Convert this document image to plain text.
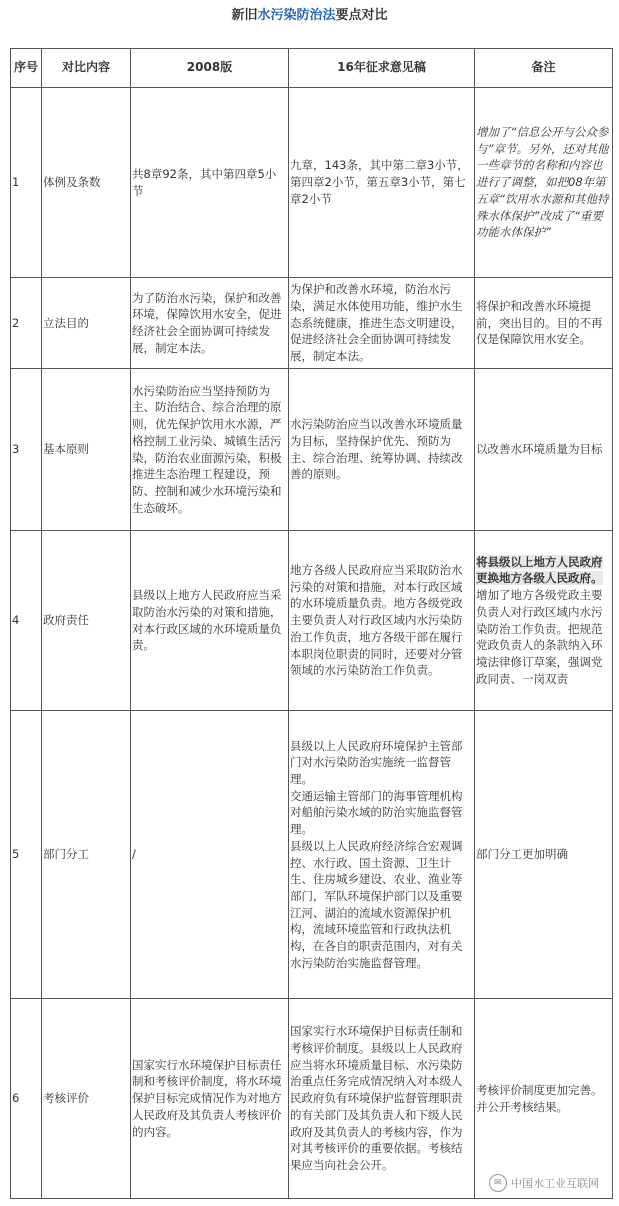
新旧水污染防治法要点对比
序号	对比内容	2008版	16年征求意见稿	备注
1	体例及条数	共8章92条，其中第四章5小节	九章，143条，其中第二章3小节，第四章2小节，第五章3小节，第七章2小节	增加了“信息公开与公众参与”章节。另外，还对其他一些章节的名称和内容也进行了调整，如把08年第五章“饮用水水源和其他特殊水体保护”改成了“重要功能水体保护”
2	立法目的	为了防治水污染，保护和改善环境，保障饮用水安全，促进经济社会全面协调可持续发展，制定本法。	为保护和改善水环境，防治水污染，满足水体使用功能，维护水生态系统健康，推进生态文明建设，促进经济社会全面协调可持续发展，制定本法。	将保护和改善水环境提前，突出目的。目的不再仅是保障饮用水安全。
3	基本原则	水污染防治应当坚持预防为主、防治结合、综合治理的原则，优先保护饮用水水源，严格控制工业污染、城镇生活污染，防治农业面源污染，积极推进生态治理工程建设，预防、控制和减少水环境污染和生态破坏。	水污染防治应当以改善水环境质量为目标，坚持保护优先、预防为主、综合治理、统筹协调、持续改善的原则。	以改善水环境质量为目标
4	政府责任	县级以上地方人民政府应当采取防治水污染的对策和措施，对本行政区域的水环境质量负责。	地方各级人民政府应当采取防治水污染的对策和措施，对本行政区域的水环境质量负责。地方各级党政主要负责人对行政区域内水污染防治工作负责，地方各级干部在履行本职岗位职责的同时，还要对分管领域的水污染防治工作负责。	将县级以上地方人民政府更换地方各级人民政府。增加了地方各级党政主要负责人对行政区域内水污染防治工作负责。把规范党政负责人的条款纳入环境法律修订草案，强调党政同责、一岗双责
5	部门分工	/	县级以上人民政府环境保护主管部门对水污染防治实施统一监督管理。
交通运输主管部门的海事管理机构对船舶污染水域的防治实施监督管理。
县级以上人民政府经济综合宏观调控、水行政、国土资源、卫生计生、住房城乡建设、农业、渔业等部门，军队环境保护部门以及重要江河、湖泊的流域水资源保护机构，流域环境监管和行政执法机构，在各自的职责范围内，对有关水污染防治实施监督管理。	部门分工更加明确
6	考核评价	国家实行水环境保护目标责任制和考核评价制度，将水环境保护目标完成情况作为对地方人民政府及其负责人考核评价的内容。	国家实行水环境保护目标责任制和考核评价制度。县级以上人民政府应当将水环境质量目标、水污染防治重点任务完成情况纳入对本级人民政府负有环境保护监督管理职责的有关部门及其负责人和下级人民政府及其负责人的考核内容，作为对其考核评价的重要依据。考核结果应当向社会公开。	考核评价制度更加完善。并公开考核结果。
✉ 中国水工业互联网
